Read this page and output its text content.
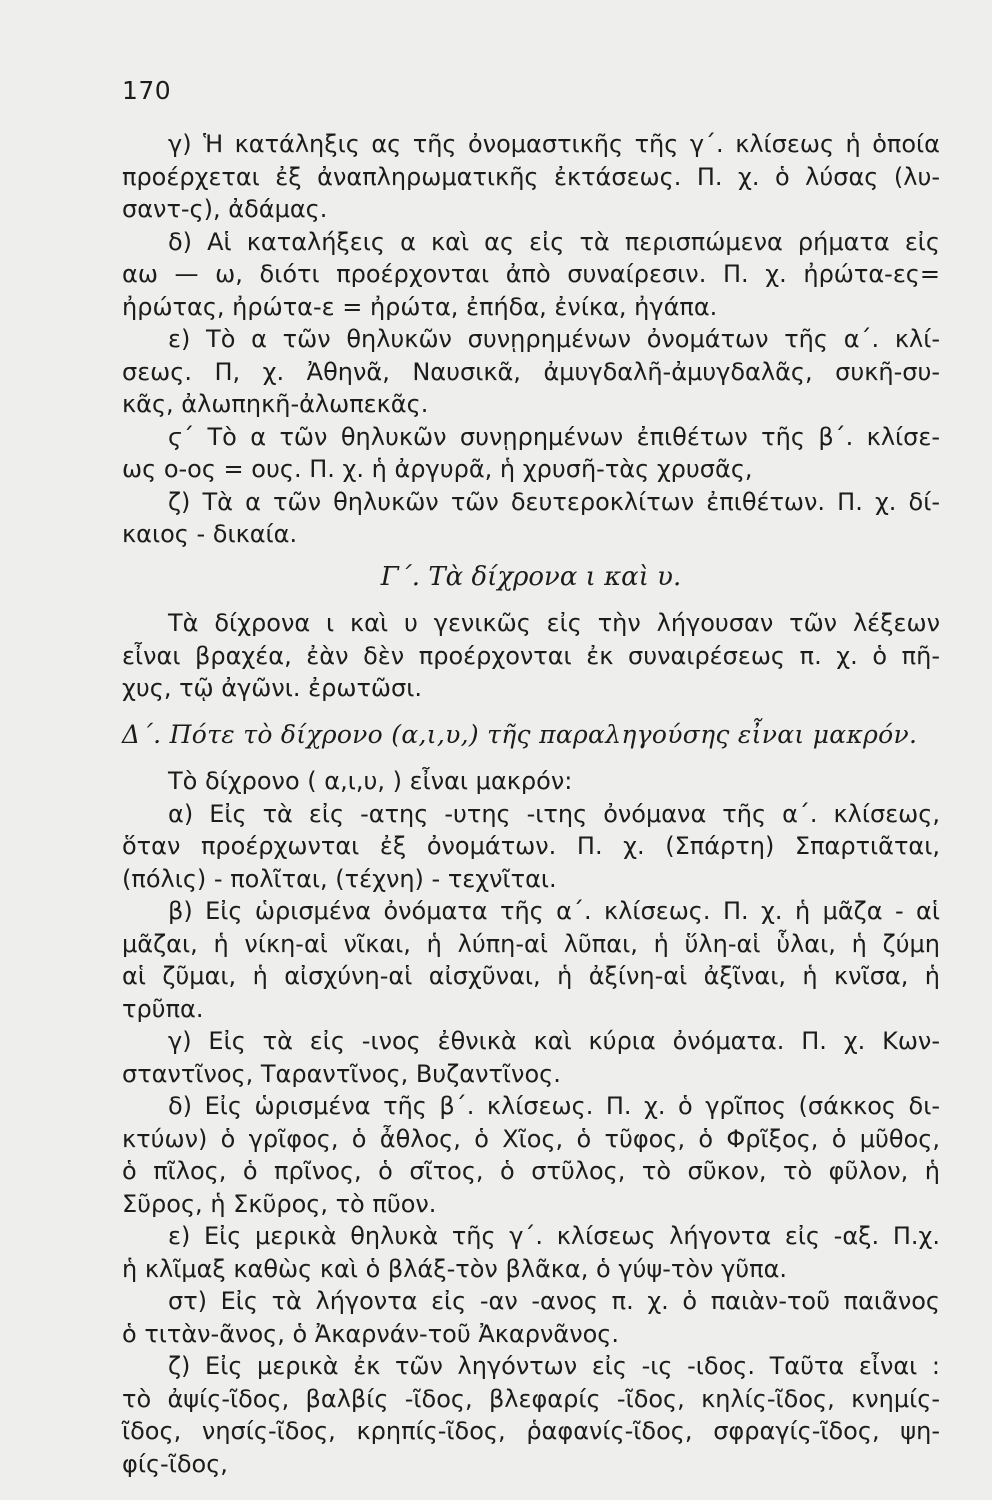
170
γ) Ἡ κατάληξις ας τῆς ὀνομαστικῆς τῆς γ΄. κλίσεως ἡ ὁποία
προέρχεται ἐξ ἀναπληρωματικῆς ἐκτάσεως. Π. χ. ὁ λύσας (λυ-
σαντ-ς), ἀδάμας.
δ) Αἱ καταλήξεις α καὶ ας εἰς τὰ περισπώμενα ρήματα εἰς
αω — ω, διότι προέρχονται ἀπὸ συναίρεσιν. Π. χ. ἠρώτα-ες=
ἠρώτας, ἠρώτα-ε = ἠρώτα, ἐπήδα, ἐνίκα, ἠγάπα.
ε) Τὸ α τῶν θηλυκῶν συνῃρημένων ὀνομάτων τῆς α΄. κλί-
σεως. Π, χ. Ἀθηνᾶ, Ναυσικᾶ, ἀμυγδαλῆ-ἀμυγδαλᾶς, συκῆ-συ-
κᾶς, ἀλωπηκῆ-ἀλωπεκᾶς.
ϛ΄ Τὸ α τῶν θηλυκῶν συνῃρημένων ἐπιθέτων τῆς β΄. κλίσε-
ως ο-ος = ους. Π. χ. ἡ ἀργυρᾶ, ἡ χρυσῆ-τὰς χρυσᾶς,
ζ) Τὰ α τῶν θηλυκῶν τῶν δευτεροκλίτων ἐπιθέτων. Π. χ. δί-
καιος - δικαία.
Γ΄. Τὰ δίχρονα ι καὶ υ.
Τὰ δίχρονα ι καὶ υ γενικῶς εἰς τὴν λήγουσαν τῶν λέξεων
εἶναι βραχέα, ἐὰν δὲν προέρχονται ἐκ συναιρέσεως π. χ. ὁ πῆ-
χυς, τῷ ἀγῶνι. ἐρωτῶσι.
Δ΄. Πότε τὸ δίχρονο (α,ι,υ,) τῆς παραληγούσης εἶναι μακρόν.
Τὸ δίχρονο ( α,ι,υ, ) εἶναι μακρόν:
α) Εἰς τὰ εἰς -ατης -υτης -ιτης ὀνόμανα τῆς α΄. κλίσεως,
ὅταν προέρχωνται ἐξ ὀνομάτων. Π. χ. (Σπάρτη) Σπαρτιᾶται,
(πόλις) - πολῖται, (τέχνη) - τεχνῖται.
β) Εἰς ὡρισμένα ὀνόματα τῆς α΄. κλίσεως. Π. χ. ἡ μᾶζα - αἱ
μᾶζαι, ἡ νίκη-αἱ νῖκαι, ἡ λύπη-αἱ λῦπαι, ἡ ὕλη-αἱ ὗλαι, ἡ ζύμη
αἱ ζῦμαι, ἡ αἰσχύνη-αἱ αἰσχῦναι, ἡ ἀξίνη-αἱ ἀξῖναι, ἡ κνῖσα, ἡ
τρῦπα.
γ) Εἰς τὰ εἰς -ινος ἐθνικὰ καὶ κύρια ὀνόματα. Π. χ. Κων-
σταντῖνος, Ταραντῖνος, Βυζαντῖνος.
δ) Εἰς ὡρισμένα τῆς β΄. κλίσεως. Π. χ. ὁ γρῖπος (σάκκος δι-
κτύων) ὁ γρῖφος, ὁ ἆθλος, ὁ Χῖος, ὁ τῦφος, ὁ Φρῖξος, ὁ μῦθος,
ὁ πῖλος, ὁ πρῖνος, ὁ σῖτος, ὁ στῦλος, τὸ σῦκον, τὸ φῦλον, ἡ
Σῦρος, ἡ Σκῦρος, τὸ πῦον.
ε) Εἰς μερικὰ θηλυκὰ τῆς γ΄. κλίσεως λήγοντα εἰς -αξ. Π.χ.
ἡ κλῖμαξ καθὼς καὶ ὁ βλάξ-τὸν βλᾶκα, ὁ γύψ-τὸν γῦπα.
στ) Εἰς τὰ λήγοντα εἰς -αν -ανος π. χ. ὁ παιὰν-τοῦ παιᾶνος
ὁ τιτὰν-ᾶνος, ὁ Ἀκαρνάν-τοῦ Ἀκαρνᾶνος.
ζ) Εἰς μερικὰ ἐκ τῶν ληγόντων εἰς -ις -ιδος. Ταῦτα εἶναι :
τὸ ἀψίς-ῖδος, βαλβίς -ῖδος, βλεφαρίς -ῖδος, κηλίς-ῖδος, κνημίς-
ῖδος, νησίς-ῖδος, κρηπίς-ῖδος, ῥαφανίς-ῖδος, σφραγίς-ῖδος, ψη-
φίς-ῖδος,
